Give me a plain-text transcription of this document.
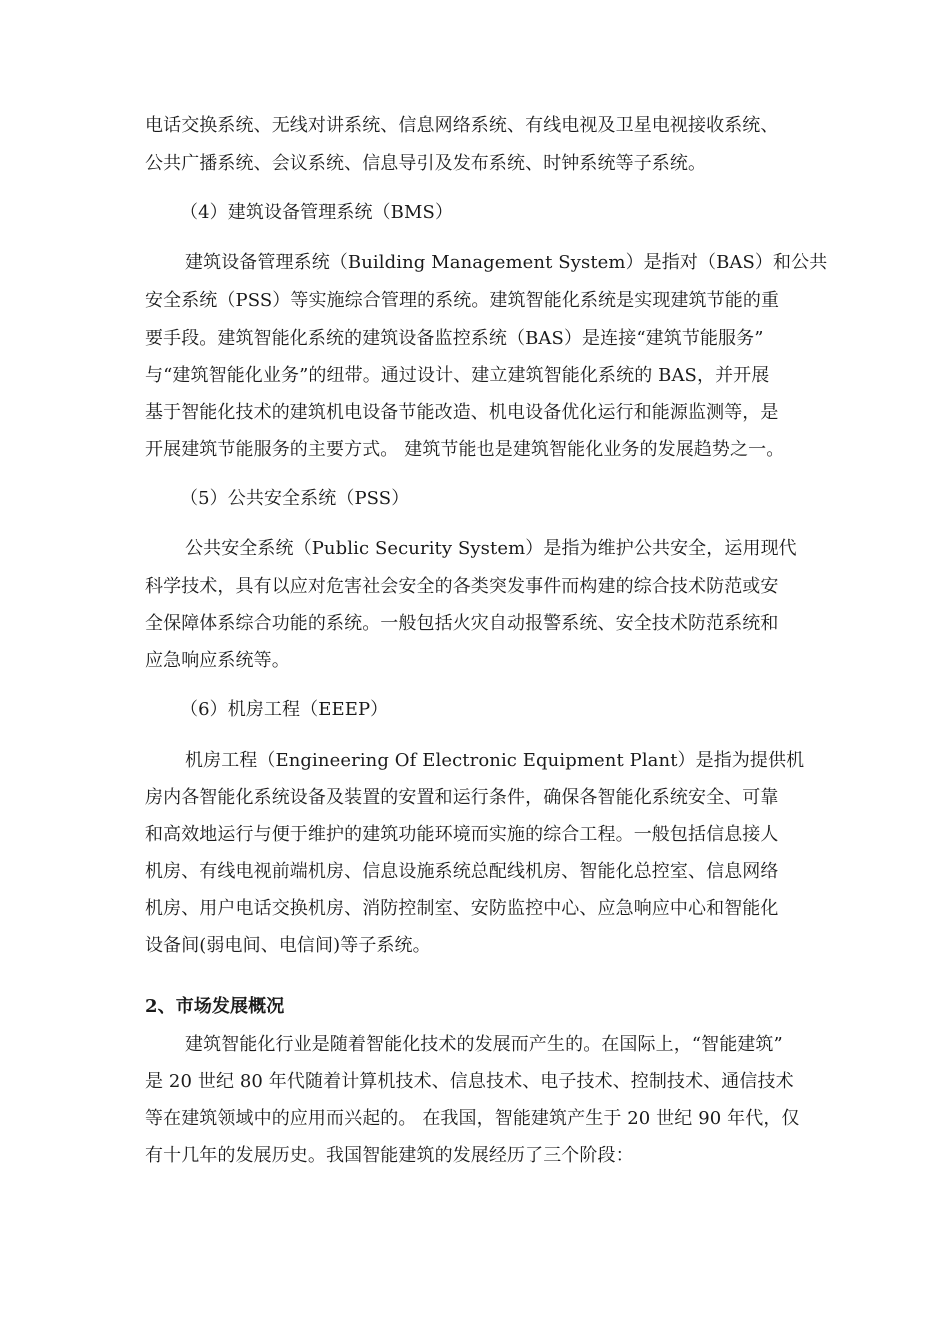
电话交换系统、无线对讲系统、信息网络系统、有线电视及卫星电视接收系统、
公共广播系统、会议系统、信息导引及发布系统、时钟系统等子系统。
（4）建筑设备管理系统（BMS）
建筑设备管理系统（Building Management System）是指对（BAS）和公共
安全系统（PSS）等实施综合管理的系统。建筑智能化系统是实现建筑节能的重
要手段。建筑智能化系统的建筑设备监控系统（BAS）是连接“建筑节能服务”
与“建筑智能化业务”的纽带。通过设计、建立建筑智能化系统的 BAS，并开展
基于智能化技术的建筑机电设备节能改造、机电设备优化运行和能源监测等，是
开展建筑节能服务的主要方式。 建筑节能也是建筑智能化业务的发展趋势之一。
（5）公共安全系统（PSS）
公共安全系统（Public Security System）是指为维护公共安全，运用现代
科学技术，具有以应对危害社会安全的各类突发事件而构建的综合技术防范或安
全保障体系综合功能的系统。一般包括火灾自动报警系统、安全技术防范系统和
应急响应系统等。
（6）机房工程（EEEP）
机房工程（Engineering Of Electronic Equipment Plant）是指为提供机
房内各智能化系统设备及装置的安置和运行条件，确保各智能化系统安全、可靠
和高效地运行与便于维护的建筑功能环境而实施的综合工程。一般包括信息接人
机房、有线电视前端机房、信息设施系统总配线机房、智能化总控室、信息网络
机房、用户电话交换机房、消防控制室、安防监控中心、应急响应中心和智能化
设备间(弱电间、电信间)等子系统。
2、市场发展概况
建筑智能化行业是随着智能化技术的发展而产生的。在国际上，“智能建筑”
是 20 世纪 80 年代随着计算机技术、信息技术、电子技术、控制技术、通信技术
等在建筑领域中的应用而兴起的。 在我国，智能建筑产生于 20 世纪 90 年代，仅
有十几年的发展历史。我国智能建筑的发展经历了三个阶段：
